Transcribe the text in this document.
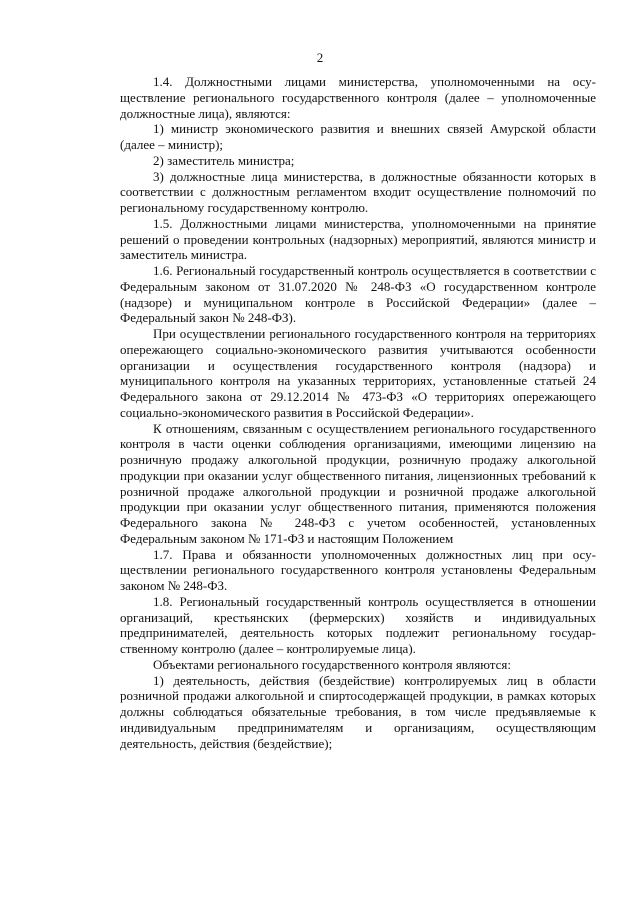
2

1.4. Должностными лицами министерства, уполномоченными на осуществление регионального государственного контроля (далее – уполномоченные должностные лица), являются:

1) министр экономического развития и внешних связей Амурской области (далее – министр);

2) заместитель министра;

3) должностные лица министерства, в должностные обязанности которых в соответствии с должностным регламентом входит осуществление полномочий по региональному государственному контролю.

1.5. Должностными лицами министерства, уполномоченными на принятие решений о проведении контрольных (надзорных) мероприятий, являются министр и заместитель министра.

1.6. Региональный государственный контроль осуществляется в соответствии с Федеральным законом от 31.07.2020 № 248-ФЗ «О государственном контроле (надзоре) и муниципальном контроле в Российской Федерации» (далее – Федеральный закон № 248-ФЗ).

При осуществлении регионального государственного контроля на территориях опережающего социально-экономического развития учитываются особенности организации и осуществления государственного контроля (надзора) и муниципального контроля на указанных территориях, установленные статьей 24 Федерального закона от 29.12.2014 № 473-ФЗ «О территориях опережающего социально-экономического развития в Российской Федерации».

К отношениям, связанным с осуществлением регионального государственного контроля в части оценки соблюдения организациями, имеющими лицензию на розничную продажу алкогольной продукции, розничную продажу алкогольной продукции при оказании услуг общественного питания, лицензионных требований к розничной продаже алкогольной продукции и розничной продаже алкогольной продукции при оказании услуг общественного питания, применяются положения Федерального закона № 248-ФЗ с учетом особенностей, установленных Федеральным законом № 171-ФЗ и настоящим Положением

1.7. Права и обязанности уполномоченных должностных лиц при осуществлении регионального государственного контроля установлены Федеральным законом № 248-ФЗ.

1.8. Региональный государственный контроль осуществляется в отношении организаций, крестьянских (фермерских) хозяйств и индивидуальных предпринимателей, деятельность которых подлежит региональному государственному контролю (далее – контролируемые лица).

Объектами регионального государственного контроля являются:

1) деятельность, действия (бездействие) контролируемых лиц в области розничной продажи алкогольной и спиртосодержащей продукции, в рамках которых должны соблюдаться обязательные требования, в том числе предъявляемые к индивидуальным предпринимателям и организациям, осуществляющим деятельность, действия (бездействие);
